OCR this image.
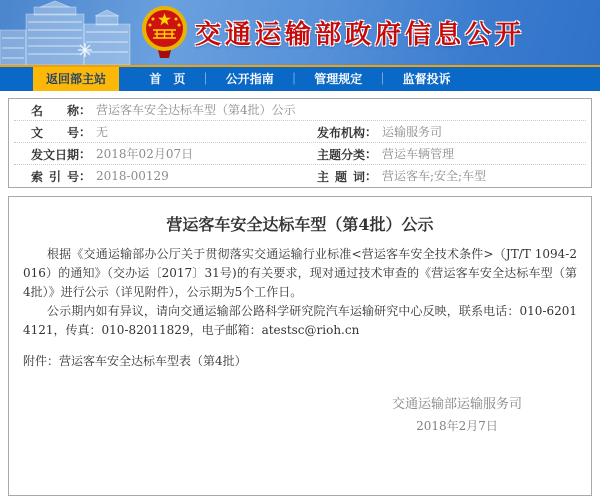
交通运输部政府信息公开
返回部主站	首　页 ｜ 公开指南 ｜ 管理规定 ｜ 监督投诉
名称： 营运客车安全达标车型（第4批）公示
文号： 无	发布机构： 运输服务司
发文日期： 2018年02月07日	主题分类： 营运车辆管理
索引号： 2018-00129	主题词： 营运客车;安全;车型
营运客车安全达标车型（第4批）公示

根据《交通运输部办公厅关于贯彻落实交通运输行业标准<营运客车安全技术条件>（JT/T 1094-2016）的通知》（交办运〔2017〕31号)的有关要求，现对通过技术审查的《营运客车安全达标车型（第4批）》进行公示（详见附件），公示期为5个工作日。

公示期内如有异议，请向交通运输部公路科学研究院汽车运输研究中心反映，联系电话：010-62014121，传真：010-82011829，电子邮箱：atestsc@rioh.cn

附件：营运客车安全达标车型表（第4批）
交通运输部运输服务司
2018年2月7日
